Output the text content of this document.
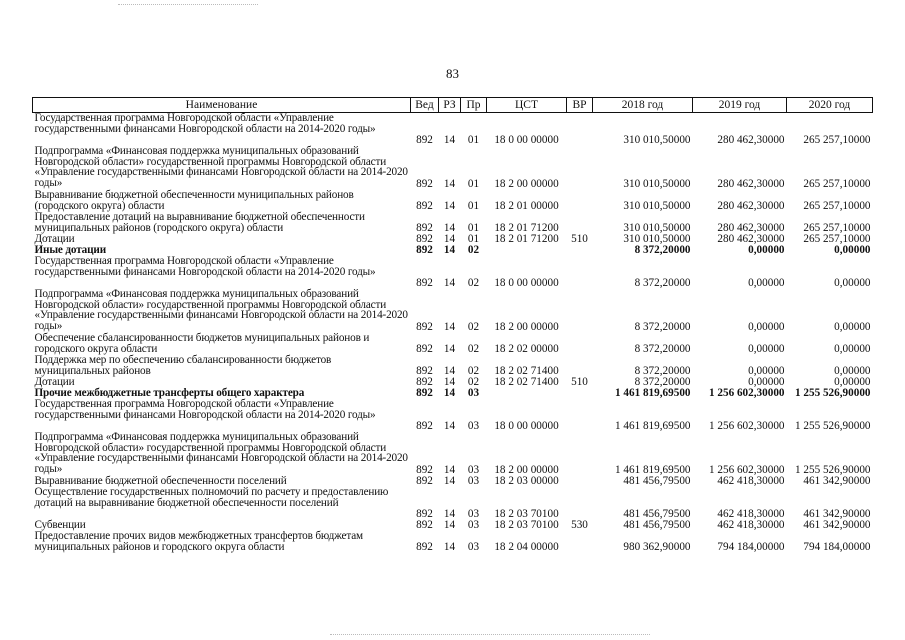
83
Наименование	Вед	РЗ	Пр	ЦСТ	ВР	2018 год	2019 год	2020 год
Государственная программа Новгородской области «Управление государственными финансами Новгородской области на 2014-2020 годы»	892	14	01	18 0 00 00000		310 010,50000	280 462,30000	265 257,10000
Подпрограмма «Финансовая поддержка муниципальных образований Новгородской области» государственной программы Новгородской области «Управление государственными финансами Новгородской области на 2014-2020 годы»	892	14	01	18 2 00 00000		310 010,50000	280 462,30000	265 257,10000
Выравнивание бюджетной обеспеченности муниципальных районов (городского округа) области	892	14	01	18 2 01 00000		310 010,50000	280 462,30000	265 257,10000
Предоставление дотаций на выравнивание бюджетной обеспеченности муниципальных районов (городского округа) области	892	14	01	18 2 01 71200		310 010,50000	280 462,30000	265 257,10000
Дотации	892	14	01	18 2 01 71200	510	310 010,50000	280 462,30000	265 257,10000
Иные дотации	892	14	02			8 372,20000	0,00000	0,00000
Государственная программа Новгородской области «Управление государственными финансами Новгородской области на 2014-2020 годы»	892	14	02	18 0 00 00000		8 372,20000	0,00000	0,00000
Подпрограмма «Финансовая поддержка муниципальных образований Новгородской области» государственной программы Новгородской области «Управление государственными финансами Новгородской области на 2014-2020 годы»	892	14	02	18 2 00 00000		8 372,20000	0,00000	0,00000
Обеспечение сбалансированности бюджетов муниципальных районов и городского округа области	892	14	02	18 2 02 00000		8 372,20000	0,00000	0,00000
Поддержка мер по обеспечению сбалансированности бюджетов муниципальных районов	892	14	02	18 2 02 71400		8 372,20000	0,00000	0,00000
Дотации	892	14	02	18 2 02 71400	510	8 372,20000	0,00000	0,00000
Прочие межбюджетные трансферты общего характера	892	14	03			1 461 819,69500	1 256 602,30000	1 255 526,90000
Государственная программа Новгородской области «Управление государственными финансами Новгородской области на 2014-2020 годы»	892	14	03	18 0 00 00000		1 461 819,69500	1 256 602,30000	1 255 526,90000
Подпрограмма «Финансовая поддержка муниципальных образований Новгородской области» государственной программы Новгородской области «Управление государственными финансами Новгородской области на 2014-2020 годы»	892	14	03	18 2 00 00000		1 461 819,69500	1 256 602,30000	1 255 526,90000
Выравнивание бюджетной обеспеченности поселений	892	14	03	18 2 03 00000		481 456,79500	462 418,30000	461 342,90000
Осуществление государственных полномочий по расчету и предоставлению дотаций на выравнивание бюджетной обеспеченности поселений	892	14	03	18 2 03 70100		481 456,79500	462 418,30000	461 342,90000
Субвенции	892	14	03	18 2 03 70100	530	481 456,79500	462 418,30000	461 342,90000
Предоставление прочих видов межбюджетных трансфертов бюджетам муниципальных районов и городского округа области	892	14	03	18 2 04 00000		980 362,90000	794 184,00000	794 184,00000
